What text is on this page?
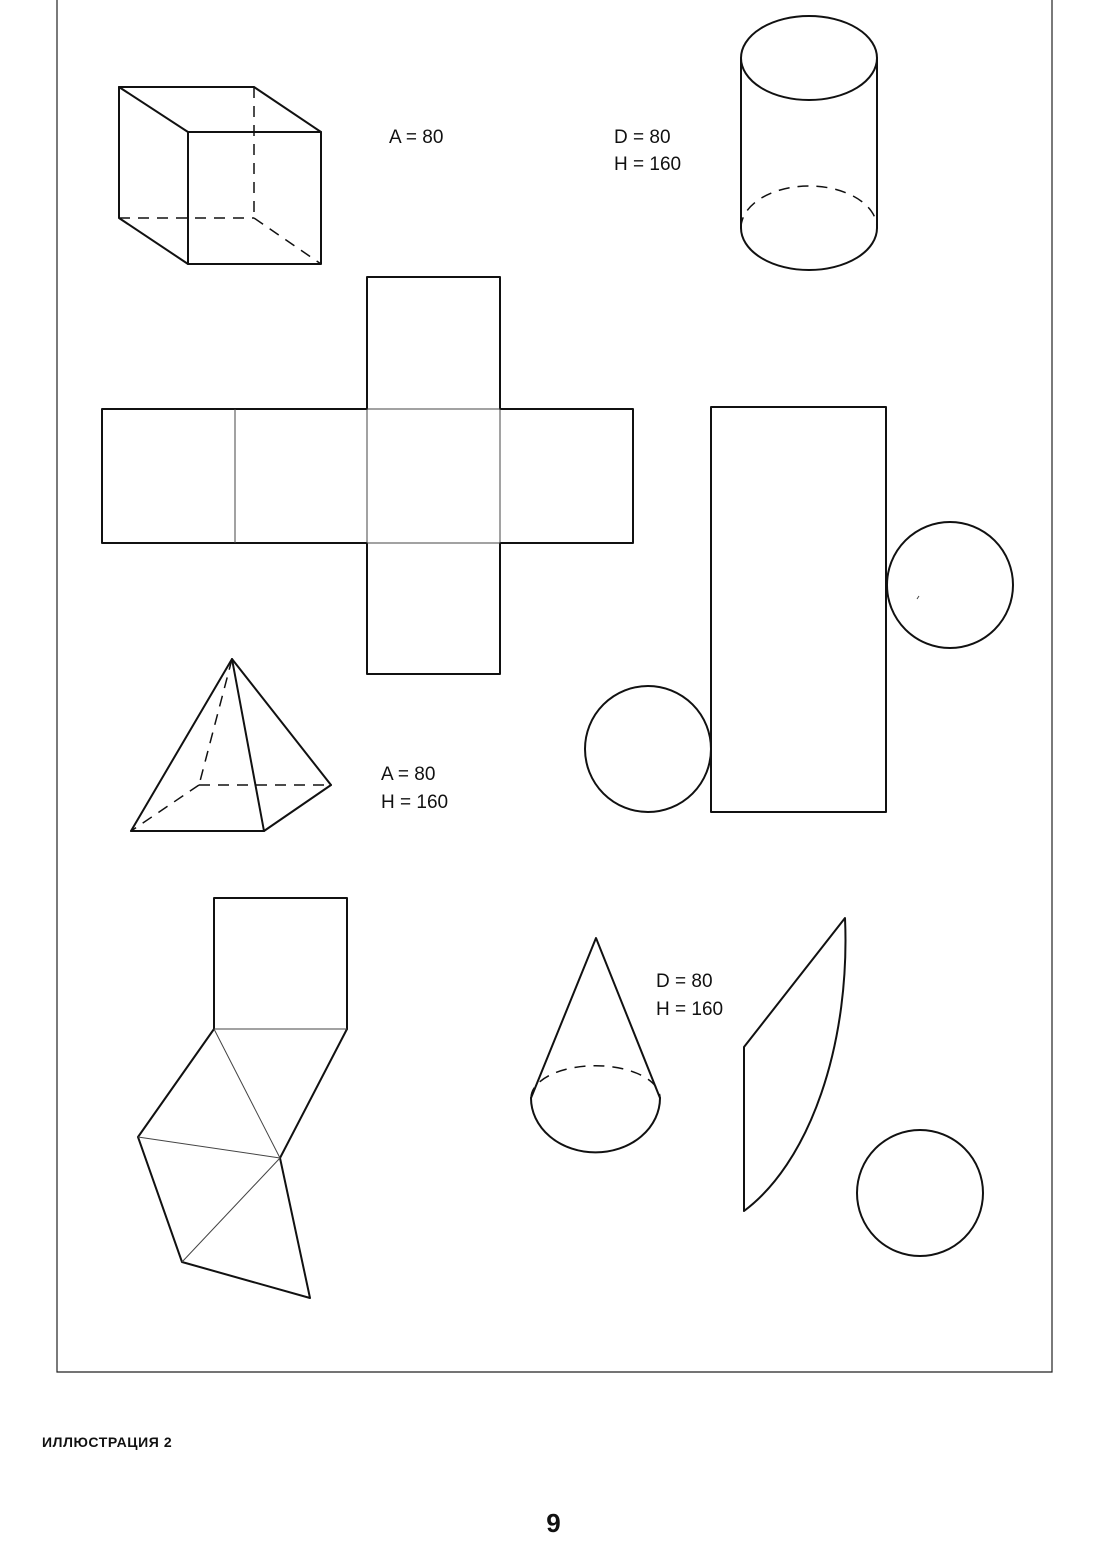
A = 80	D = 80
H = 160
A = 80
H = 160
D = 80
H = 160
ИЛЛЮСТРАЦИЯ 2
9
